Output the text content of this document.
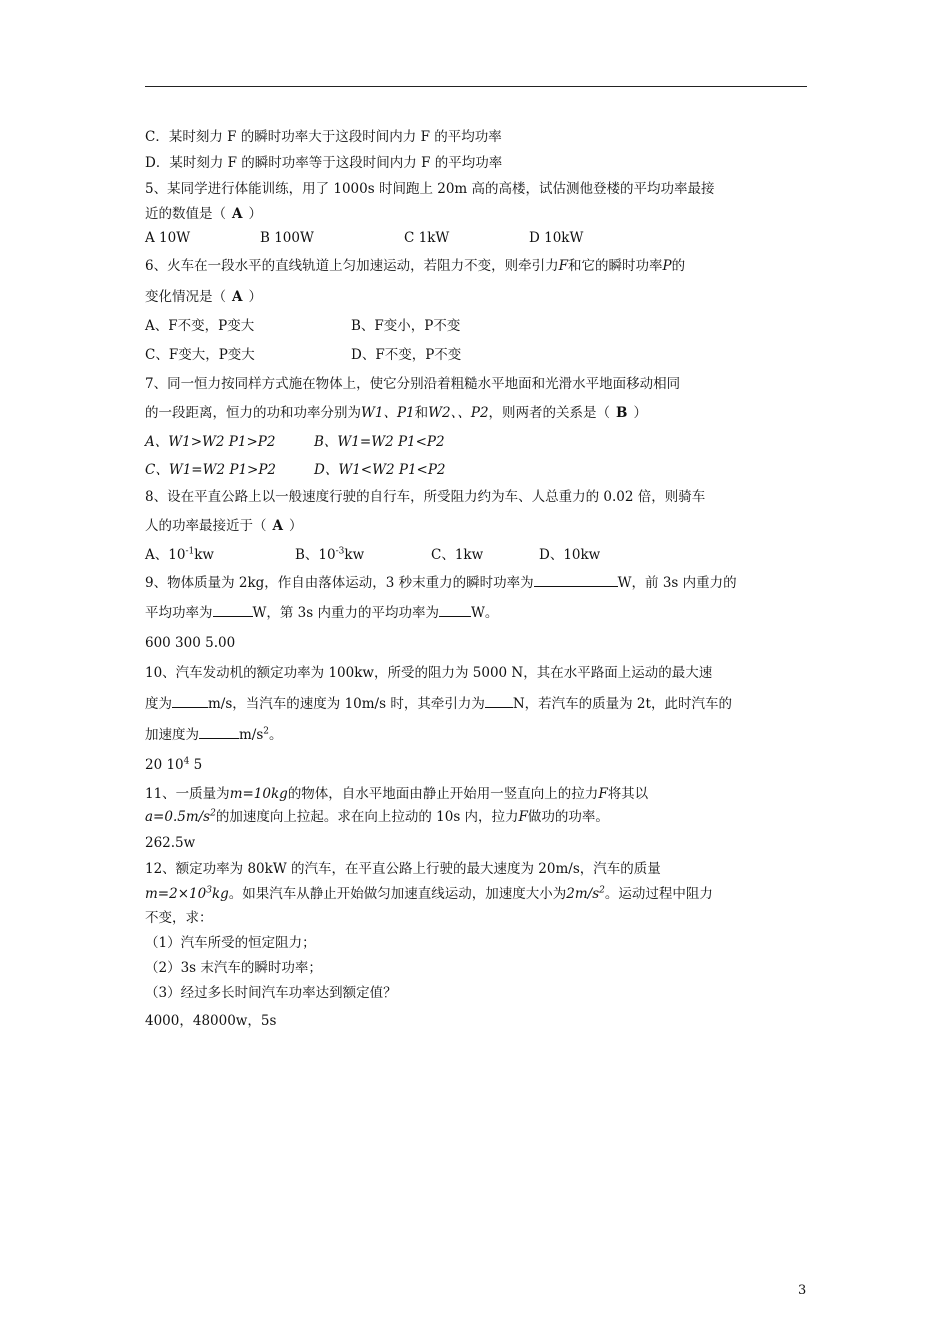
C．某时刻力 F 的瞬时功率大于这段时间内力 F 的平均功率
D．某时刻力 F 的瞬时功率等于这段时间内力 F 的平均功率
5、某同学进行体能训练，用了 1000s 时间跑上 20m 高的高楼，试估测他登楼的平均功率最接
近的数值是（ A ）
A 10W	B 100W	C 1kW	D 10kW
6、火车在一段水平的直线轨道上匀加速运动，若阻力不变，则牵引力F和它的瞬时功率P的
变化情况是（ A ）
A、F不变，P变大	B、F变小，P不变
C、F变大，P变大	D、F不变，P不变
7、同一恒力按同样方式施在物体上，使它分别沿着粗糙水平地面和光滑水平地面移动相同
的一段距离，恒力的功和功率分别为W1、P1和W2、、P2，则两者的关系是（ B ）
A、W1>W2 P1>P2	B、W1=W2 P1<P2
C、W1=W2 P1>P2	D、W1<W2 P1<P2
8、设在平直公路上以一般速度行驶的自行车，所受阻力约为车、人总重力的 0.02 倍，则骑车
人的功率最接近于（ A ）
A、$10^{-1}kw$	B、$10^{-3}kw$	C、1kw	D、10kw
9、物体质量为 2kg，作自由落体运动，3 秒末重力的瞬时功率为	W，前 3s 内重力的
平均功率为	W，第 3s 内重力的平均功率为 W。
600 300 5.00
10、汽车发动机的额定功率为 100kw，所受的阻力为 5000 N，其在水平路面上运动的最大速
度为	m/s，当汽车的速度为 10m/s 时，其牵引力为 N，若汽车的质量为 2t，此时汽车的
加速度为	$m/s^2$。
20 $10^4$ 5
11、一质量为m=10kg的物体，自水平地面由静止开始用一竖直向上的拉力F将其以
$a=0.5m/s^2$的加速度向上拉起。求在向上拉动的 10s 内，拉力F做功的功率。
262.5w
12、额定功率为 80kW 的汽车，在平直公路上行驶的最大速度为 20m/s，汽车的质量
$m=2\times 10^3kg$。如果汽车从静止开始做匀加速直线运动，加速度大小为$2m/s^2$。运动过程中阻力
不变，求：
（1）汽车所受的恒定阻力；
（2）3s 末汽车的瞬时功率；
（3）经过多长时间汽车功率达到额定值？
4000，48000w，5s
3
